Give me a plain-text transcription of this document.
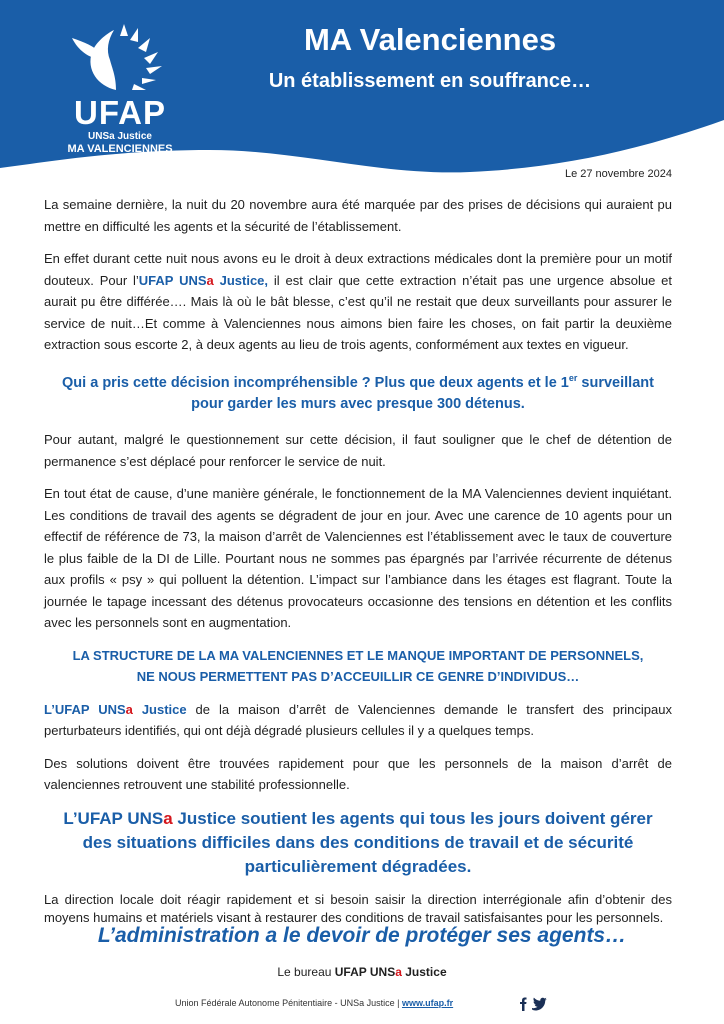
UFAP
UNSa Justice
MA VALENCIENNES
MA Valenciennes
Un établissement en souffrance…
Le 27 novembre 2024

La semaine dernière, la nuit du 20 novembre aura été marquée par des prises de décisions qui auraient pu mettre en difficulté les agents et la sécurité de l’établissement.

En effet durant cette nuit nous avons eu le droit à deux extractions médicales dont la première pour un motif douteux. Pour l’UFAP UNSa Justice, il est clair que cette extraction n’était pas une urgence absolue et aurait pu être différée…. Mais là où le bât blesse, c’est qu’il ne restait que deux surveillants pour assurer le service de nuit…Et comme à Valenciennes nous aimons bien faire les choses, on fait partir la deuxième extraction sous escorte 2, à deux agents au lieu de trois agents, conformément aux textes en vigueur.

Qui a pris cette décision incompréhensible ? Plus que deux agents et le 1er surveillant
pour garder les murs avec presque 300 détenus.

Pour autant, malgré le questionnement sur cette décision, il faut souligner que le chef de détention de permanence s’est déplacé pour renforcer le service de nuit.

En tout état de cause, d’une manière générale, le fonctionnement de la MA Valenciennes devient inquiétant. Les conditions de travail des agents se dégradent de jour en jour. Avec une carence de 10 agents pour un effectif de référence de 73, la maison d’arrêt de Valenciennes est l’établissement avec le taux de couverture le plus faible de la DI de Lille. Pourtant nous ne sommes pas épargnés par l’arrivée récurrente de détenus aux profils « psy » qui polluent la détention. L’impact sur l’ambiance dans les étages est flagrant. Toute la journée le tapage incessant des détenus provocateurs occasionne des tensions en détention et les conflits avec les personnels sont en augmentation.

LA STRUCTURE DE LA MA VALENCIENNES ET LE MANQUE IMPORTANT DE PERSONNELS,
NE NOUS PERMETTENT PAS D’ACCEUILLIR CE GENRE D’INDIVIDUS…

L’UFAP UNSa Justice de la maison d’arrêt de Valenciennes demande le transfert des principaux perturbateurs identifiés, qui ont déjà dégradé plusieurs cellules il y a quelques temps.

Des solutions doivent être trouvées rapidement pour que les personnels de la maison d’arrêt de valenciennes retrouvent une stabilité professionnelle.

L’UFAP UNSa Justice soutient les agents qui tous les jours doivent gérer
des situations difficiles dans des conditions de travail et de sécurité
particulièrement dégradées.

La direction locale doit réagir rapidement et si besoin saisir la direction interrégionale afin d’obtenir des moyens humains et matériels visant à restaurer des conditions de travail satisfaisantes pour les personnels.

L’administration a le devoir de protéger ses agents…
Le bureau UFAP UNSa Justice
Union Fédérale Autonome Pénitentiaire - UNSa Justice | www.ufap.fr
